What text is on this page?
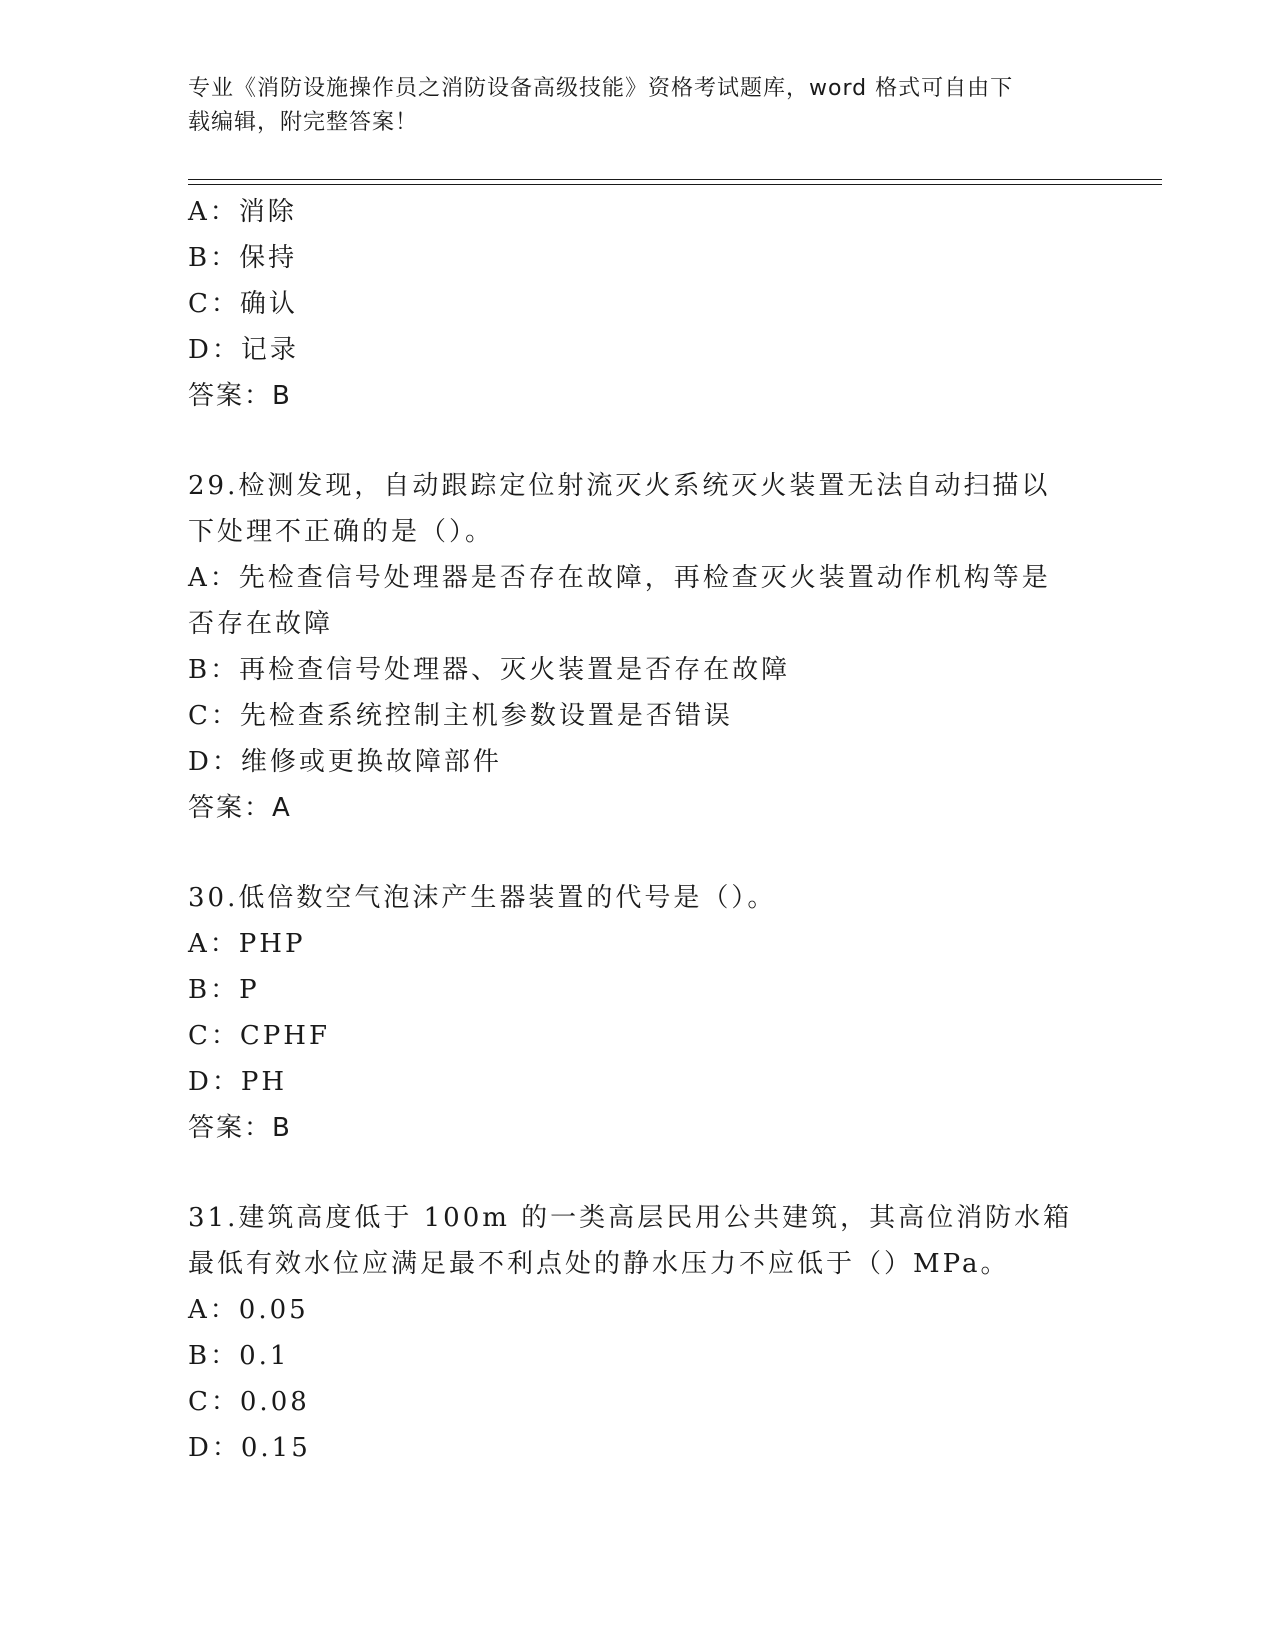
专业《消防设施操作员之消防设备高级技能》资格考试题库，word 格式可自由下
载编辑，附完整答案！
A：消除
B：保持
C：确认
D：记录
答案：B
29.检测发现，自动跟踪定位射流灭火系统灭火装置无法自动扫描以下处理不正确的是（）。
A：先检查信号处理器是否存在故障，再检查灭火装置动作机构等是否存在故障
B：再检查信号处理器、灭火装置是否存在故障
C：先检查系统控制主机参数设置是否错误
D：维修或更换故障部件
答案：A
30.低倍数空气泡沫产生器装置的代号是（）。
A：PHP
B：P
C：CPHF
D：PH
答案：B
31.建筑高度低于 100m 的一类高层民用公共建筑，其高位消防水箱最低有效水位应满足最不利点处的静水压力不应低于（）MPa。
A：0.05
B：0.1
C：0.08
D：0.15
